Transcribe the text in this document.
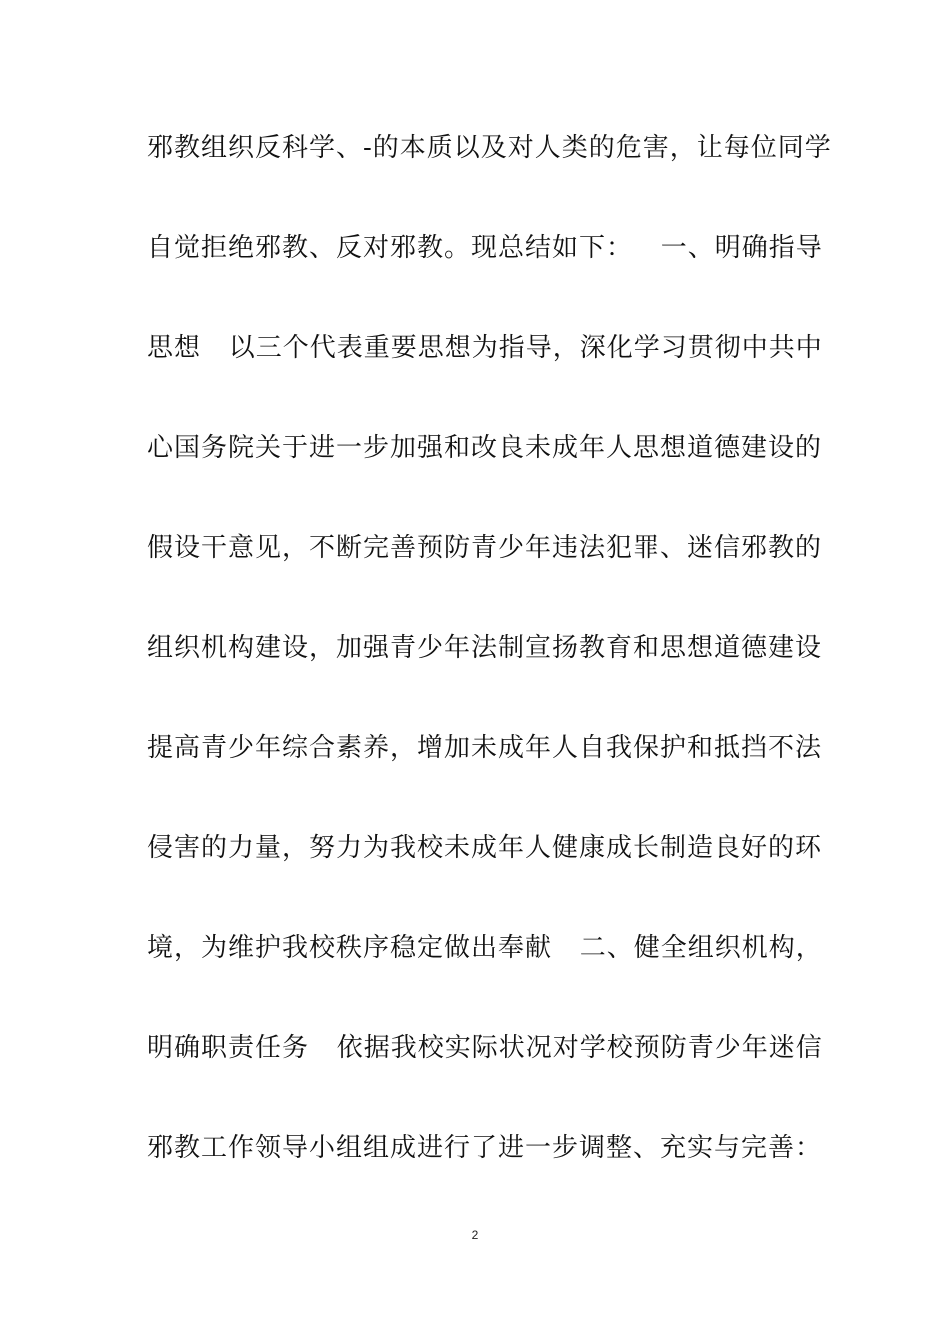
邪教组织反科学、-的本质以及对人类的危害，让每位同学
自觉拒绝邪教、反对邪教。现总结如下：   一、明确指导
思想   以三个代表重要思想为指导，深化学习贯彻中共中
心国务院关于进一步加强和改良未成年人思想道德建设的
假设干意见，不断完善预防青少年违法犯罪、迷信邪教的
组织机构建设，加强青少年法制宣扬教育和思想道德建设
提高青少年综合素养，增加未成年人自我保护和抵挡不法
侵害的力量，努力为我校未成年人健康成长制造良好的环
境，为维护我校秩序稳定做出奉献   二、健全组织机构，
明确职责任务   依据我校实际状况对学校预防青少年迷信
邪教工作领导小组组成进行了进一步调整、充实与完善：
2
